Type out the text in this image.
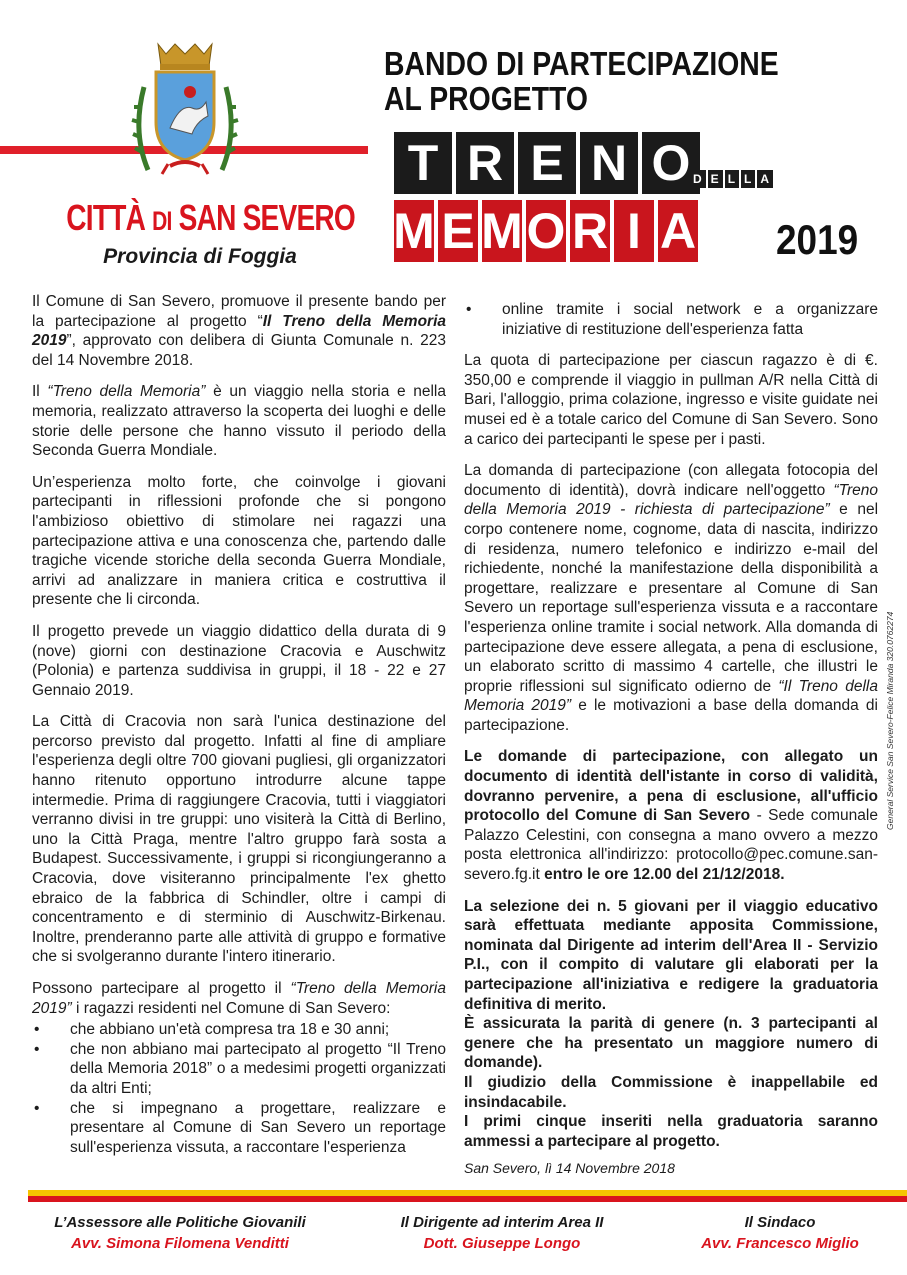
CITTÀ DI SAN SEVERO
Provincia di Foggia
BANDO DI PARTECIPAZIONE
AL PROGETTO
T R E N O D E L L A
M E M O R I A 2019

Il Comune di San Severo, promuove il presente bando per la partecipazione al progetto “Il Treno della Memoria 2019”, approvato con delibera di Giunta Comunale n. 223 del 14 Novembre 2018.

Il “Treno della Memoria” è un viaggio nella storia e nella memoria, realizzato attraverso la scoperta dei luoghi e delle storie delle persone che hanno vissuto il periodo della Seconda Guerra Mondiale.

Un’esperienza molto forte, che coinvolge i giovani partecipanti in riflessioni profonde che si pongono l'ambizioso obiettivo di stimolare nei ragazzi una partecipazione attiva e una conoscenza che, partendo dalle tragiche vicende storiche della seconda Guerra Mondiale, arrivi ad analizzare in maniera critica e costruttiva il presente che li circonda.

Il progetto prevede un viaggio didattico della durata di 9 (nove) giorni con destinazione Cracovia e Auschwitz (Polonia) e partenza suddivisa in gruppi, il 18 - 22 e 27 Gennaio 2019.

La Città di Cracovia non sarà l'unica destinazione del percorso previsto dal progetto. Infatti al fine di ampliare l'esperienza degli oltre 700 giovani pugliesi, gli organizzatori hanno ritenuto opportuno introdurre alcune tappe intermedie. Prima di raggiungere Cracovia, tutti i viaggiatori verranno divisi in tre gruppi: uno visiterà la Città di Berlino, uno la Città Praga, mentre l'altro gruppo farà sosta a Budapest. Successivamente, i gruppi si ricongiungeranno a Cracovia, dove visiteranno principalmente l'ex ghetto ebraico de la fabbrica di Schindler, oltre i campi di concentramento e di sterminio di Auschwitz-Birkenau. Inoltre, prenderanno parte alle attività di gruppo e formative che si svolgeranno durante l'intero itinerario.

Possono partecipare al progetto il “Treno della Memoria 2019” i ragazzi residenti nel Comune di San Severo:

• che abbiano un'età compresa tra 18 e 30 anni;
• che non abbiano mai partecipato al progetto “Il Treno della Memoria 2018” o a medesimi progetti organizzati da altri Enti;
• che si impegnano a progettare, realizzare e presentare al Comune di San Severo un reportage sull'esperienza vissuta, a raccontare l'esperienza
• online tramite i social network e a organizzare iniziative di restituzione dell'esperienza fatta

La quota di partecipazione per ciascun ragazzo è di €. 350,00 e comprende il viaggio in pullman A/R nella Città di Bari, l'alloggio, prima colazione, ingresso e visite guidate nei musei ed è a totale carico del Comune di San Severo. Sono a carico dei partecipanti le spese per i pasti.

La domanda di partecipazione (con allegata fotocopia del documento di identità), dovrà indicare nell'oggetto “Treno della Memoria 2019 - richiesta di partecipazione” e nel corpo contenere nome, cognome, data di nascita, indirizzo di residenza, numero telefonico e indirizzo e-mail del richiedente, nonché la manifestazione della disponibilità a progettare, realizzare e presentare al Comune di San Severo un reportage sull'esperienza vissuta e a raccontare l'esperienza online tramite i social network. Alla domanda di partecipazione deve essere allegata, a pena di esclusione, un elaborato scritto di massimo 4 cartelle, che illustri le proprie riflessioni sul significato odierno de “Il Treno della Memoria 2019” e le motivazioni a base della domanda di partecipazione.

Le domande di partecipazione, con allegato un documento di identità dell'istante in corso di validità, dovranno pervenire, a pena di esclusione, all'ufficio protocollo del Comune di San Severo - Sede comunale Palazzo Celestini, con consegna a mano ovvero a mezzo posta elettronica all'indirizzo: protocollo@pec.comune.san-severo.fg.it entro le ore 12.00 del 21/12/2018.

La selezione dei n. 5 giovani per il viaggio educativo sarà effettuata mediante apposita Commissione, nominata dal Dirigente ad interim dell'Area II - Servizio P.I., con il compito di valutare gli elaborati per la partecipazione all'iniziativa e redigere la graduatoria definitiva di merito.

È assicurata la parità di genere (n. 3 partecipanti al genere che ha presentato un maggiore numero di domande).

Il giudizio della Commissione è inappellabile ed insindacabile.

I primi cinque inseriti nella graduatoria saranno ammessi a partecipare al progetto.

San Severo, lì 14 Novembre 2018
General Service San Severo-Felice Miranda 320.0762274
L’Assessore alle Politiche Giovanili
Avv. Simona Filomena Venditti
Il Dirigente ad interim Area II
Dott. Giuseppe Longo
Il Sindaco
Avv. Francesco Miglio
